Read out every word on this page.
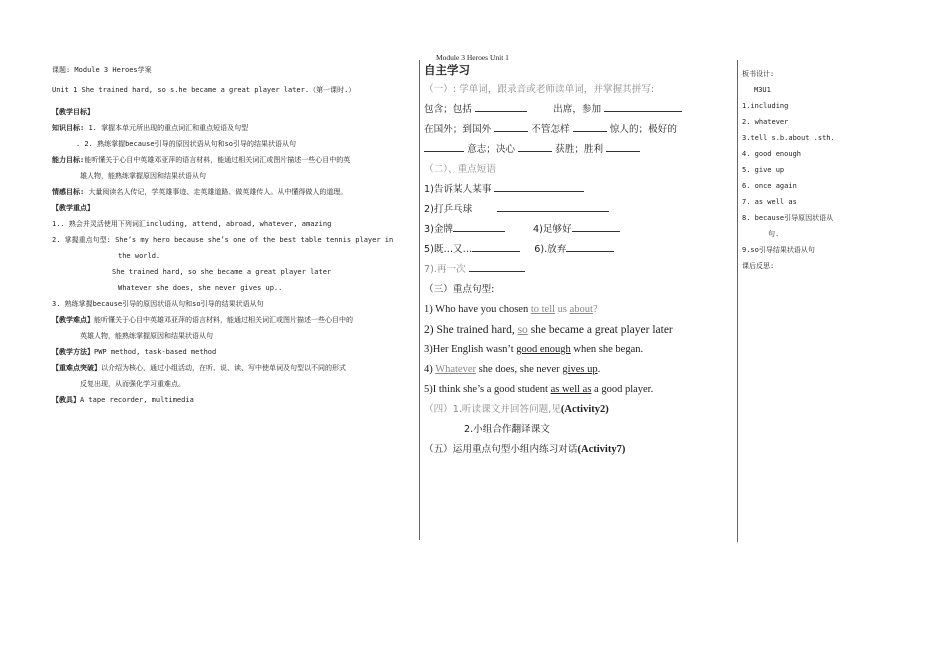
Module 3 Heroes Unit 1
课题: Module 3 Heroes学案
Unit 1 She trained hard, so s.he became a great player later.（第一课时.）
【教学目标】
知识目标: 1. 掌握本单元所出现的重点词汇和重点短语及句型
. 2. 熟练掌握because引导的原因状语从句和so引导的结果状语从句
能力目标:能听懂关于心目中英雄邓亚萍的语言材料，能通过相关词汇或图片描述一些心目中的英
雄人物，能熟练掌握原因和结果状语从句
情感目标: 大量阅读名人传记，学英雄事迹、走英雄道路、做英雄传人。从中懂得做人的道理。
【教学重点】
1.. 熟会并灵活使用下列词汇including, attend, abroad, whatever, amazing
2. 掌握重点句型: She’s my hero because she’s one of the best table tennis player in
the world.
She trained hard, so she became a great player later
Whatever she does, she never gives up..
3. 熟练掌握because引导的原因状语从句和so引导的结果状语从句
【教学难点】能听懂关于心目中英雄邓亚萍的语言材料，能通过相关词汇或图片描述一些心目中的
英雄人物，能熟练掌握原因和结果状语从句
【教学方法】PWP method, task-based method
【重难点突破】以介绍为核心，通过小组活动，在听、说、读、写中使单词及句型以不同的形式
反复出现，从而强化学习重难点。
【教具】A tape recorder, multimedia
自主学习
（一）: 学单词，跟录音或老师读单词，并掌握其拼写:
包含；包括	出席，参加
在国外；到国外	不管怎样	惊人的；极好的
意志；决心	获胜；胜利
（二）、重点短语
1)告诉某人某事
2)打乒乓球
3)金牌	4)足够好
5)既…又…	6).放弃
7).再一次
（三）重点句型:
1) Who have you chosen to tell us about?
2) She trained hard, so she became a great player later
3)Her English wasn’t good enough when she began.
4) Whatever she does, she never gives up.
5)I think she’s a good student as well as a good player.
（四）1.听读课文并回答问题,见(Activity2)
2.小组合作翻译课文
（五）运用重点句型小组内练习对话(Activity7)
板书设计:
M3U1
1.including
2. whatever
3.tell s.b.about .sth.
4. good enough
5. give up
6. once again
7. as well as
8. because引导原因状语从
句.
9.so引导结果状语从句
课后反思:
